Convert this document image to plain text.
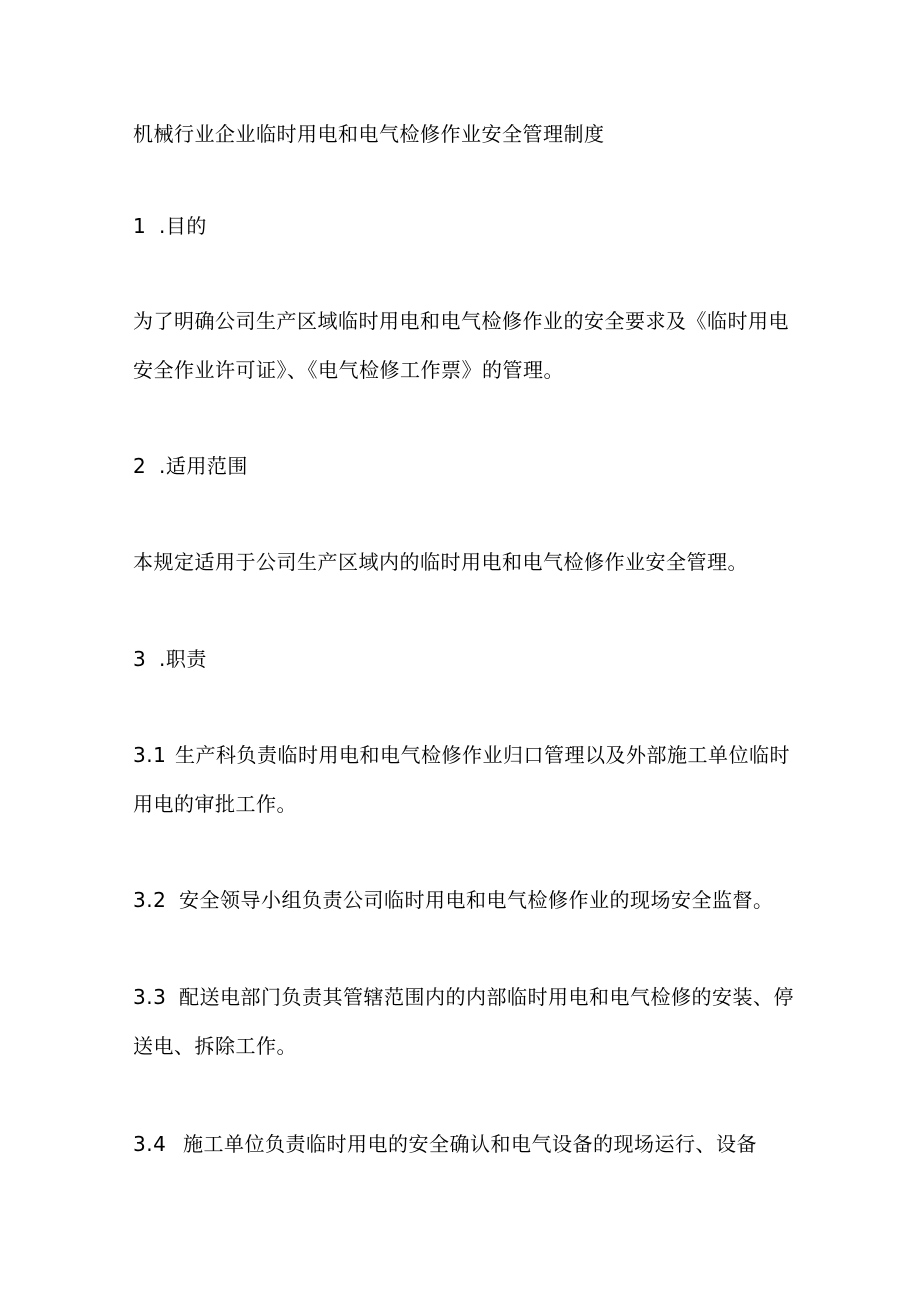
机械行业企业临时用电和电气检修作业安全管理制度
1 .目的
为了明确公司生产区域临时用电和电气检修作业的安全要求及《临时用电
安全作业许可证》、《电气检修工作票》的管理。
2 .适用范围
本规定适用于公司生产区域内的临时用电和电气检修作业安全管理。
3 .职责
3.1 生产科负责临时用电和电气检修作业归口管理以及外部施工单位临时
用电的审批工作。
3.2 安全领导小组负责公司临时用电和电气检修作业的现场安全监督。
3.3 配送电部门负责其管辖范围内的内部临时用电和电气检修的安装、停
送电、拆除工作。
3.4 施工单位负责临时用电的安全确认和电气设备的现场运行、设备
